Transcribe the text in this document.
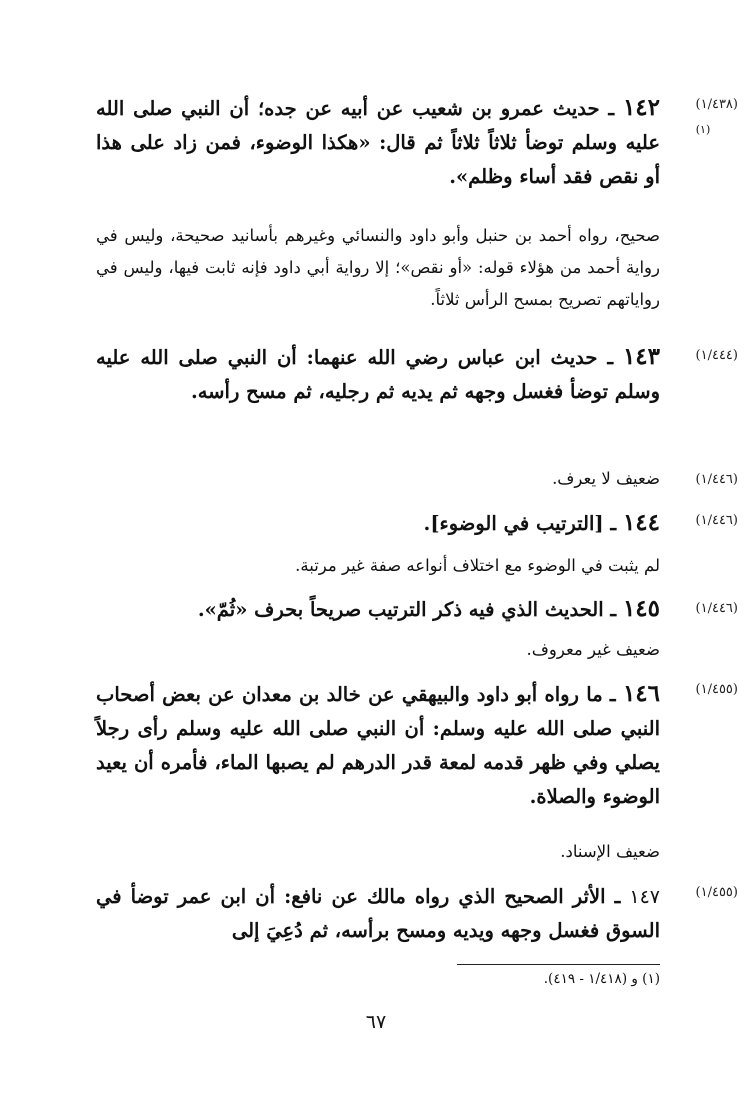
(١/٤٣٨)
(١)
١٤٢ ـ حديث عمرو بن شعيب عن أبيه عن جده؛ أن النبي صلى الله عليه وسلم توضأ ثلاثاً ثلاثاً ثم قال: «هكذا الوضوء، فمن زاد على هذا أو نقص فقد أساء وظلم».
صحيح، رواه أحمد بن حنبل وأبو داود والنسائي وغيرهم بأسانيد صحيحة، وليس في رواية أحمد من هؤلاء قوله: «أو نقص»؛ إلا رواية أبي داود فإنه ثابت فيها، وليس في رواياتهم تصريح بمسح الرأس ثلاثاً.
(١/٤٤٤)
١٤٣ ـ حديث ابن عباس رضي الله عنهما: أن النبي صلى الله عليه وسلم توضأ فغسل وجهه ثم يديه ثم رجليه، ثم مسح رأسه.
(١/٤٤٦)
ضعيف لا يعرف.
(١/٤٤٦)
١٤٤ ـ [الترتيب في الوضوء].
لم يثبت في الوضوء مع اختلاف أنواعه صفة غير مرتبة.
(١/٤٤٦)
١٤٥ ـ الحديث الذي فيه ذكر الترتيب صريحاً بحرف «ثُمّ».
ضعيف غير معروف.
(١/٤٥٥)
١٤٦ ـ ما رواه أبو داود والبيهقي عن خالد بن معدان عن بعض أصحاب النبي صلى الله عليه وسلم: أن النبي صلى الله عليه وسلم رأى رجلاً يصلي وفي ظهر قدمه لمعة قدر الدرهم لم يصبها الماء، فأمره أن يعيد الوضوء والصلاة.
ضعيف الإسناد.
(١/٤٥٥)
١٤٧ ـ الأثر الصحيح الذي رواه مالك عن نافع: أن ابن عمر توضأ في السوق فغسل وجهه ويديه ومسح برأسه، ثم دُعِيَ إلى
(١) و (١/٤١٨ - ٤١٩).
٦٧
